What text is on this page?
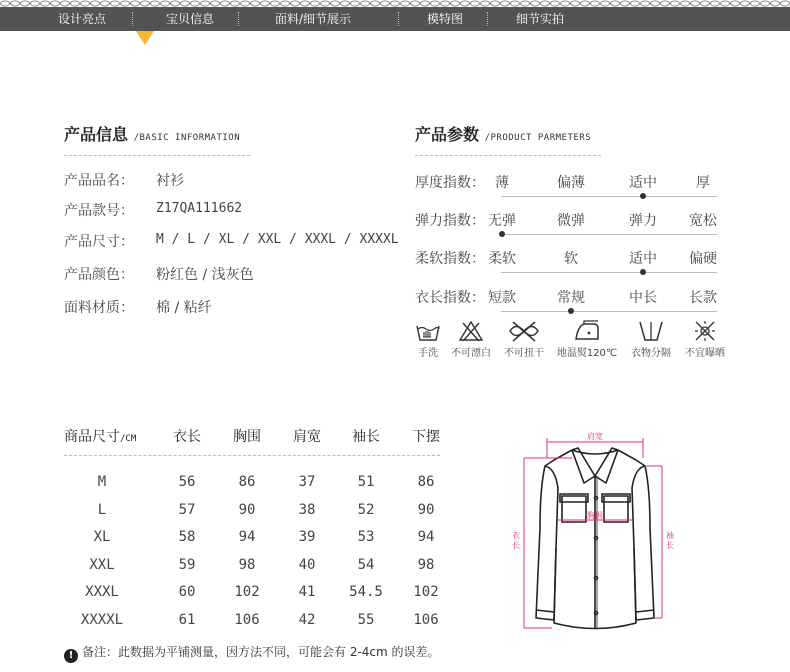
设计亮点	宝贝信息	面料/细节展示	模特图	细节实拍
产品信息 /BASIC INFORMATION
产品品名： 衬衫
产品款号： Z17QA111662
产品尺寸： M / L / XL / XXL / XXXL / XXXXL
产品颜色： 粉红色 / 浅灰色
面料材质： 棉 / 粘纤
产品参数 /PRODUCT PARMETERS
厚度指数： 薄	偏薄	适中	厚
弹力指数： 无弹	微弹	弹力	宽松
柔软指数： 柔软	软	适中	偏硬
衣长指数： 短款	常规	中长	长款
手洗	不可漂白	不可扭干	地温熨120℃	衣物分隔	不宜曝晒
商品尺寸/CM	衣长	胸围	肩宽	袖长	下摆
M	56	86	37	51	86
L	57	90	38	52	90
XL	58	94	39	53	94
XXL	59	98	40	54	98
XXXL	60	102	41	54.5	102
XXXXL	61	106	42	55	106
肩宽
胸围
衣长
袖长
! 备注：此数据为平铺测量，因方法不同，可能会有 2-4cm 的误差。
